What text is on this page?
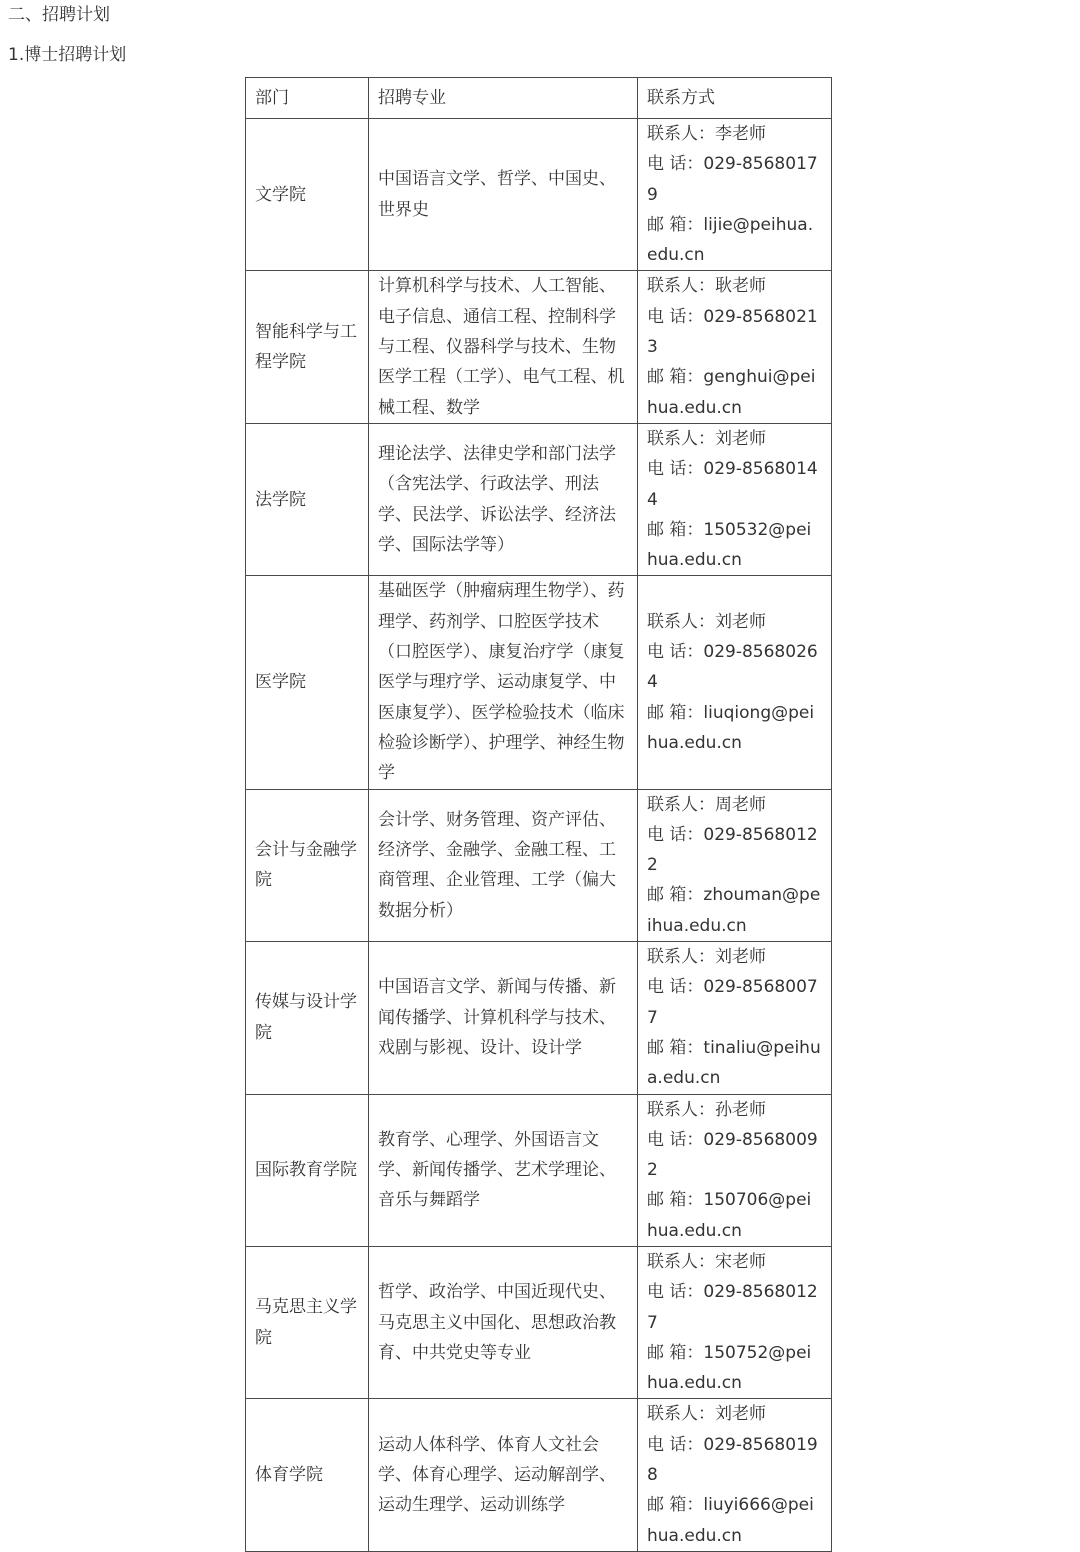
二、招聘计划
1.博士招聘计划
部门	招聘专业	联系方式
文学院	中国语言文学、哲学、中国史、世界史	联系人：李老师
电 话：029-85680179
邮 箱：lijie@peihua.edu.cn

智能科学与工程学院	计算机科学与技术、人工智能、电子信息、通信工程、控制科学与工程、仪器科学与技术、生物医学工程（工学）、电气工程、机械工程、数学	联系人：耿老师
电 话：029-85680213
邮 箱：genghui@peihua.edu.cn

法学院	理论法学、法律史学和部门法学（含宪法学、行政法学、刑法学、民法学、诉讼法学、经济法学、国际法学等）	联系人：刘老师
电 话：029-85680144
邮 箱：150532@peihua.edu.cn

医学院	基础医学（肿瘤病理生物学）、药理学、药剂学、口腔医学技术（口腔医学）、康复治疗学（康复医学与理疗学、运动康复学、中医康复学）、医学检验技术（临床检验诊断学）、护理学、神经生物学	联系人：刘老师
电 话：029-85680264
邮 箱：liuqiong@peihua.edu.cn

会计与金融学院	会计学、财务管理、资产评估、经济学、金融学、金融工程、工商管理、企业管理、工学（偏大数据分析）	联系人：周老师
电 话：029-85680122
邮 箱：zhouman@peihua.edu.cn

传媒与设计学院	中国语言文学、新闻与传播、新闻传播学、计算机科学与技术、戏剧与影视、设计、设计学	联系人：刘老师
电 话：029-85680077
邮 箱：tinaliu@peihua.edu.cn

国际教育学院	教育学、心理学、外国语言文学、新闻传播学、艺术学理论、音乐与舞蹈学	联系人：孙老师
电 话：029-85680092
邮 箱：150706@peihua.edu.cn

马克思主义学院	哲学、政治学、中国近现代史、马克思主义中国化、思想政治教育、中共党史等专业	联系人：宋老师
电 话：029-85680127
邮 箱：150752@peihua.edu.cn

体育学院	运动人体科学、体育人文社会学、体育心理学、运动解剖学、运动生理学、运动训练学	联系人：刘老师
电 话：029-85680198
邮 箱：liuyi666@peihua.edu.cn
